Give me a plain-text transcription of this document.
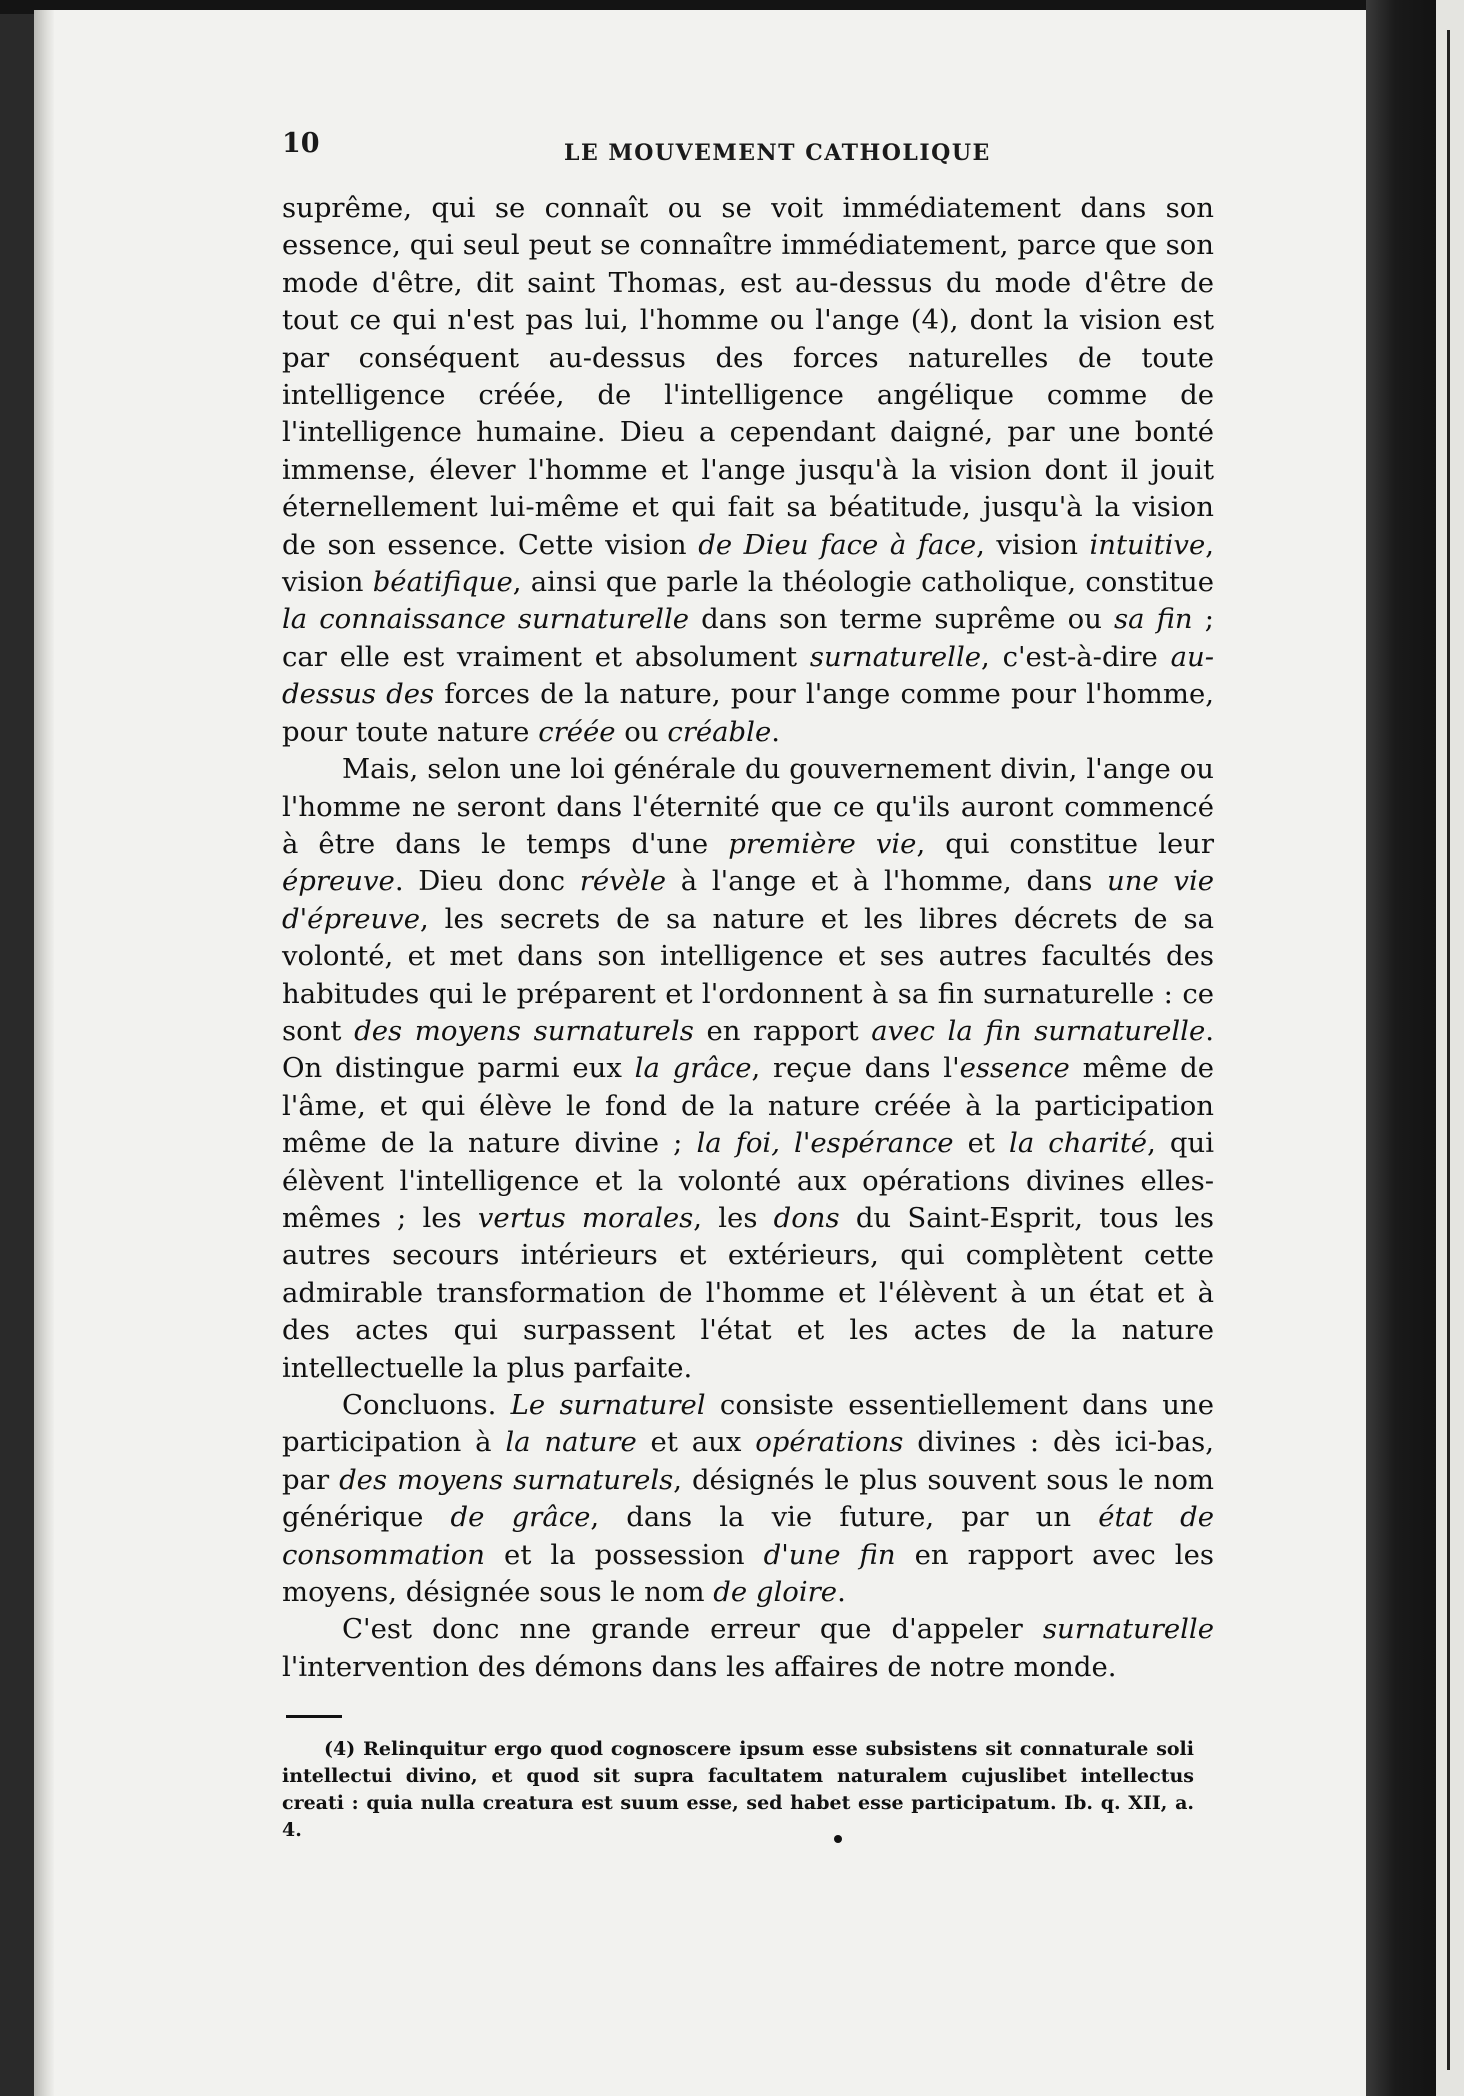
10	LE MOUVEMENT CATHOLIQUE

suprême, qui se connaît ou se voit immédiatement dans son essence, qui seul peut se connaître immédiatement, parce que son mode d'être, dit saint Thomas, est au-dessus du mode d'être de tout ce qui n'est pas lui, l'homme ou l'ange (4), dont la vision est par conséquent au-dessus des forces naturelles de toute intelligence créée, de l'intelligence angélique comme de l'intelligence humaine. Dieu a cependant daigné, par une bonté immense, élever l'homme et l'ange jusqu'à la vision dont il jouit éternellement lui-même et qui fait sa béatitude, jusqu'à la vision de son essence. Cette vision de Dieu face à face, vision intuitive, vision béatifique, ainsi que parle la théologie catholique, constitue la connaissance surnaturelle dans son terme suprême ou sa fin ; car elle est vraiment et absolument surnaturelle, c'est-à-dire au-dessus des forces de la nature, pour l'ange comme pour l'homme, pour toute nature créée ou créable.

Mais, selon une loi générale du gouvernement divin, l'ange ou l'homme ne seront dans l'éternité que ce qu'ils auront commencé à être dans le temps d'une première vie, qui constitue leur épreuve. Dieu donc révèle à l'ange et à l'homme, dans une vie d'épreuve, les secrets de sa nature et les libres décrets de sa volonté, et met dans son intelligence et ses autres facultés des habitudes qui le préparent et l'ordonnent à sa fin surnaturelle : ce sont des moyens surnaturels en rapport avec la fin surnaturelle. On distingue parmi eux la grâce, reçue dans l'essence même de l'âme, et qui élève le fond de la nature créée à la participation même de la nature divine ; la foi, l'espérance et la charité, qui élèvent l'intelligence et la volonté aux opérations divines elles-mêmes ; les vertus morales, les dons du Saint-Esprit, tous les autres secours intérieurs et extérieurs, qui complètent cette admirable transformation de l'homme et l'élèvent à un état et à des actes qui surpassent l'état et les actes de la nature intellectuelle la plus parfaite.

Concluons. Le surnaturel consiste essentiellement dans une participation à la nature et aux opérations divines : dès ici-bas, par des moyens surnaturels, désignés le plus souvent sous le nom générique de grâce, dans la vie future, par un état de consommation et la possession d'une fin en rapport avec les moyens, désignée sous le nom de gloire.

C'est donc nne grande erreur que d'appeler surnaturelle l'intervention des démons dans les affaires de notre monde.

(4) Relinquitur ergo quod cognoscere ipsum esse subsistens sit connaturale soli intellectui divino, et quod sit supra facultatem naturalem cujuslibet intellectus creati : quia nulla creatura est suum esse, sed habet esse participatum. Ib. q. XII, a. 4.
